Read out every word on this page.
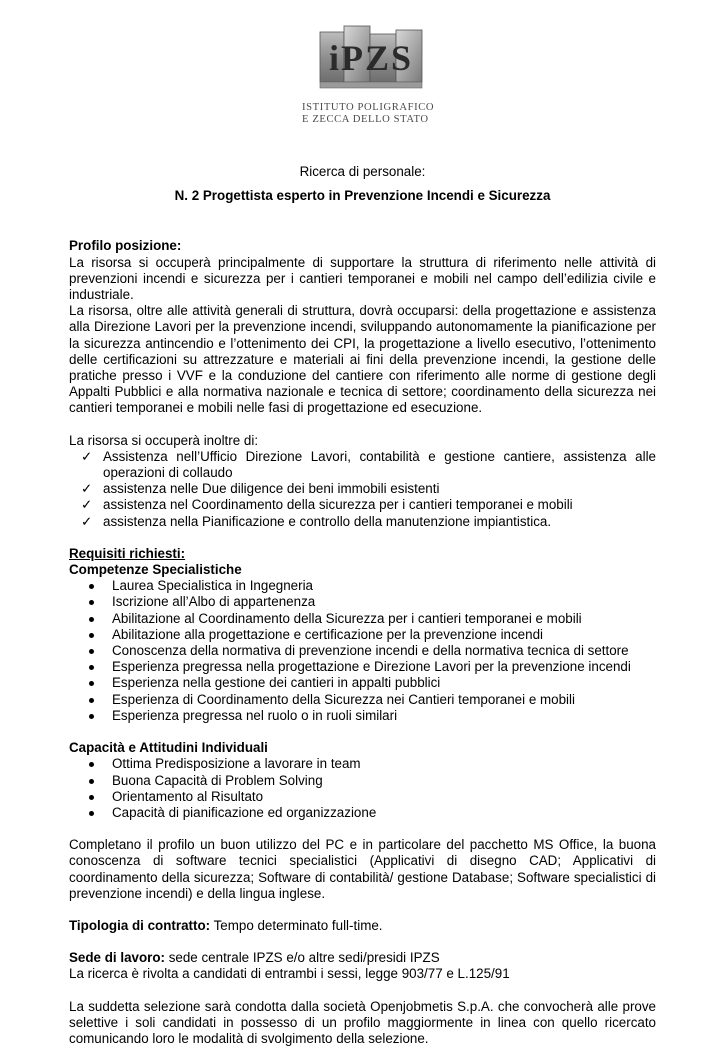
iPZS
ISTITUTO POLIGRAFICO
E ZECCA DELLO STATO

Ricerca di personale:

N. 2 Progettista esperto in Prevenzione Incendi e Sicurezza

Profilo posizione:

La risorsa si occuperà principalmente di supportare la struttura di riferimento nelle attività di prevenzioni incendi e sicurezza per i cantieri temporanei e mobili nel campo dell’edilizia civile e industriale.

La risorsa, oltre alle attività generali di struttura, dovrà occuparsi: della progettazione e assistenza alla Direzione Lavori per la prevenzione incendi, sviluppando autonomamente la pianificazione per la sicurezza antincendio e l’ottenimento dei CPI, la progettazione a livello esecutivo, l’ottenimento delle certificazioni su attrezzature e materiali ai fini della prevenzione incendi, la gestione delle pratiche presso i VVF e la conduzione del cantiere con riferimento alle norme di gestione degli Appalti Pubblici e alla normativa nazionale e tecnica di settore; coordinamento della sicurezza nei cantieri temporanei e mobili nelle fasi di progettazione ed esecuzione.

La risorsa si occuperà inoltre di:

✓ Assistenza nell’Ufficio Direzione Lavori, contabilità e gestione cantiere, assistenza alle operazioni di collaudo
✓ assistenza nelle Due diligence dei beni immobili esistenti
✓ assistenza nel Coordinamento della sicurezza per i cantieri temporanei e mobili
✓ assistenza nella Pianificazione e controllo della manutenzione impiantistica.

Requisiti richiesti:

Competenze Specialistiche

Laurea Specialistica in Ingegneria
Iscrizione all’Albo di appartenenza
Abilitazione al Coordinamento della Sicurezza per i cantieri temporanei e mobili
Abilitazione alla progettazione e certificazione per la prevenzione incendi
Conoscenza della normativa di prevenzione incendi e della normativa tecnica di settore
Esperienza pregressa nella progettazione e Direzione Lavori per la prevenzione incendi
Esperienza nella gestione dei cantieri in appalti pubblici
Esperienza di Coordinamento della Sicurezza nei Cantieri temporanei e mobili
Esperienza pregressa nel ruolo o in ruoli similari

Capacità e Attitudini Individuali

Ottima Predisposizione a lavorare in team
Buona Capacità di Problem Solving
Orientamento al Risultato
Capacità di pianificazione ed organizzazione

Completano il profilo un buon utilizzo del PC e in particolare del pacchetto MS Office, la buona conoscenza di software tecnici specialistici (Applicativi di disegno CAD; Applicativi di coordinamento della sicurezza; Software di contabilità/ gestione Database; Software specialistici di prevenzione incendi) e della lingua inglese.

Tipologia di contratto: Tempo determinato full-time.

Sede di lavoro: sede centrale IPZS e/o altre sedi/presidi IPZS

La ricerca è rivolta a candidati di entrambi i sessi, legge 903/77 e L.125/91

La suddetta selezione sarà condotta dalla società Openjobmetis S.p.A. che convocherà alle prove selettive i soli candidati in possesso di un profilo maggiormente in linea con quello ricercato comunicando loro le modalità di svolgimento della selezione.
